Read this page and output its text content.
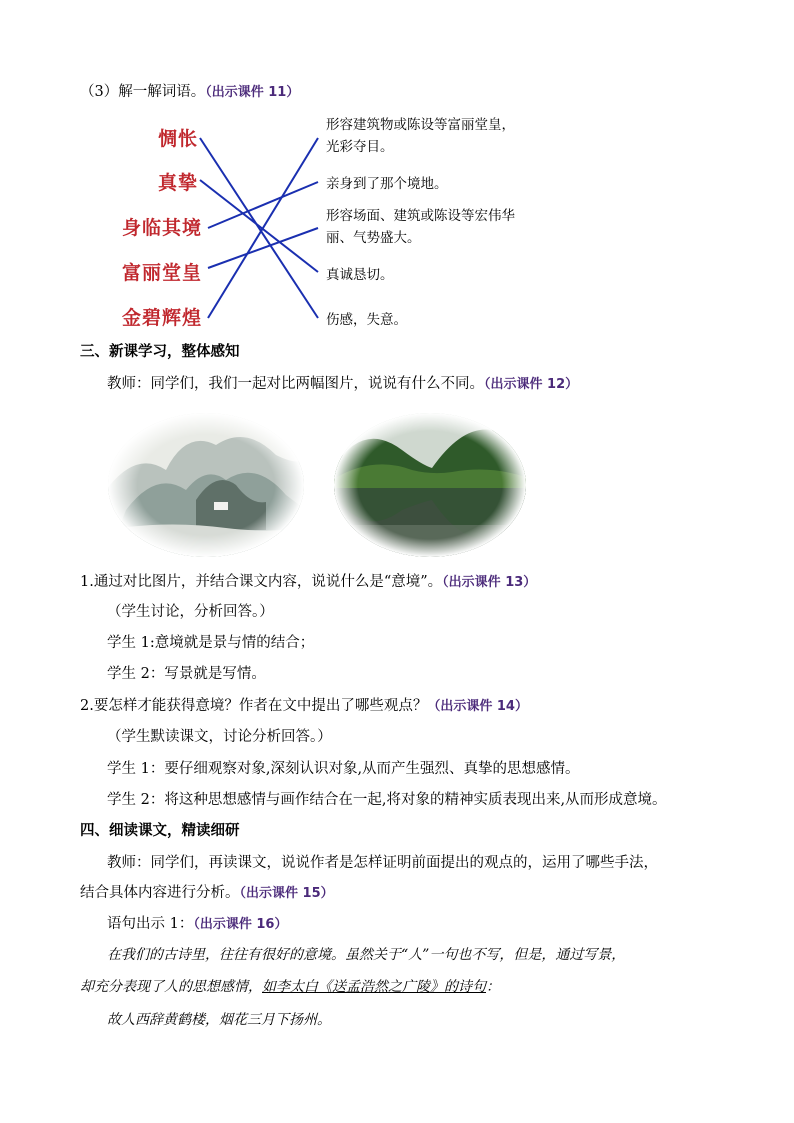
（3）解一解词语。（出示课件 11）
惆怅
真挚
身临其境
富丽堂皇
金碧辉煌
形容建筑物或陈设等富丽堂皇，
光彩夺目。
亲身到了那个境地。
形容场面、建筑或陈设等宏伟华
丽、气势盛大。
真诚恳切。
伤感，失意。
三、新课学习，整体感知
教师：同学们，我们一起对比两幅图片，说说有什么不同。（出示课件 12）
1.通过对比图片，并结合课文内容，说说什么是“意境”。（出示课件 13）
（学生讨论，分析回答。）
学生 1:意境就是景与情的结合；
学生 2：写景就是写情。
2.要怎样才能获得意境？作者在文中提出了哪些观点？（出示课件 14）
（学生默读课文，讨论分析回答。）
学生 1：要仔细观察对象,深刻认识对象,从而产生强烈、真挚的思想感情。
学生 2：将这种思想感情与画作结合在一起,将对象的精神实质表现出来,从而形成意境。
四、细读课文，精读细研
教师：同学们，再读课文，说说作者是怎样证明前面提出的观点的，运用了哪些手法，
结合具体内容进行分析。（出示课件 15）
语句出示 1：（出示课件 16）
在我们的古诗里，往往有很好的意境。虽然关于“人”一句也不写，但是，通过写景，
却充分表现了人的思想感情，如李太白《送孟浩然之广陵》的诗句：
故人西辞黄鹤楼，烟花三月下扬州。
